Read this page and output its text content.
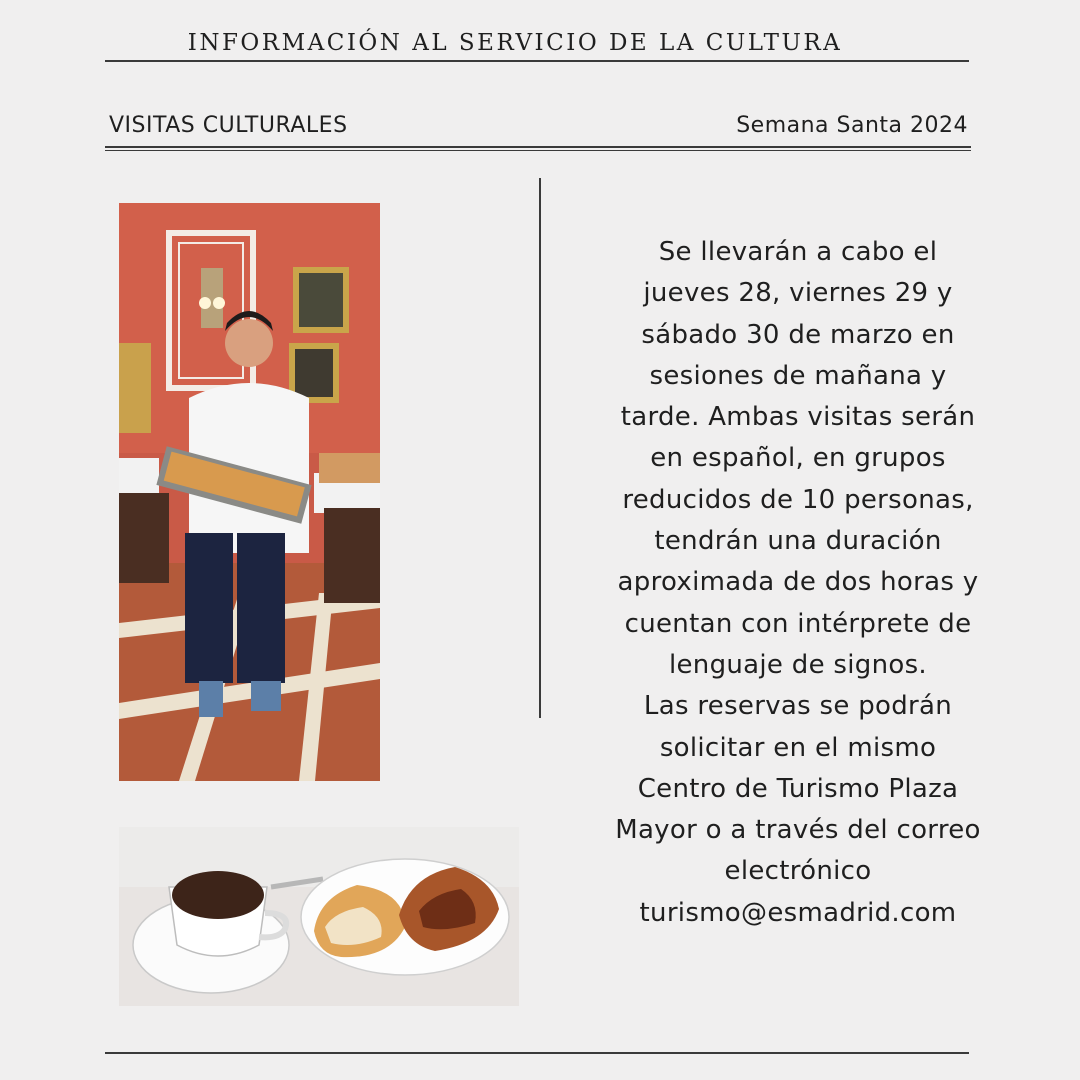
INFORMACIÓN AL SERVICIO DE LA CULTURA
VISITAS CULTURALES	Semana Santa 2024
Se llevarán a cabo el
jueves 28, viernes 29 y
sábado 30 de marzo en
sesiones de mañana y
tarde. Ambas visitas serán
en español, en grupos
reducidos de 10 personas,
tendrán una duración
aproximada de dos horas y
cuentan con intérprete de
lenguaje de signos.
Las reservas se podrán
solicitar en el mismo
Centro de Turismo Plaza
Mayor o a través del correo
electrónico
turismo@esmadrid.com
